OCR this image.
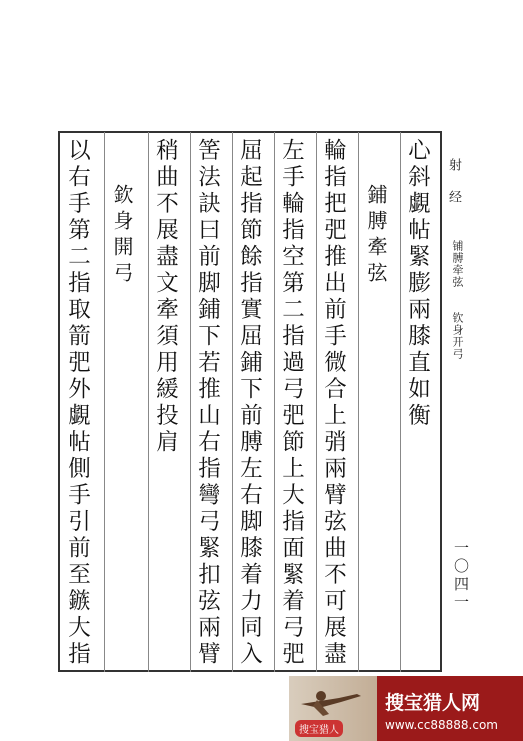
射 经
铺膊牵弦
钦身开弓
一〇四一
心斜覷帖緊膨兩膝直如衡
鋪膊牽弦
輪指把弝推出前手微合上弰兩臂弦曲不可展盡
左手輪指空第二指過弓弝節上大指面緊着弓弝
屈起指節餘指實屈鋪下前膊左右脚膝着力同入
筈法訣曰前脚鋪下若推山右指彎弓緊扣弦兩臂
稍曲不展盡文牽須用緩投肩
欽身開弓
以右手第二指取箭弝外覷帖側手引前至鏃大指
搜宝猎人
搜宝猎人网
www.cc88888.com
